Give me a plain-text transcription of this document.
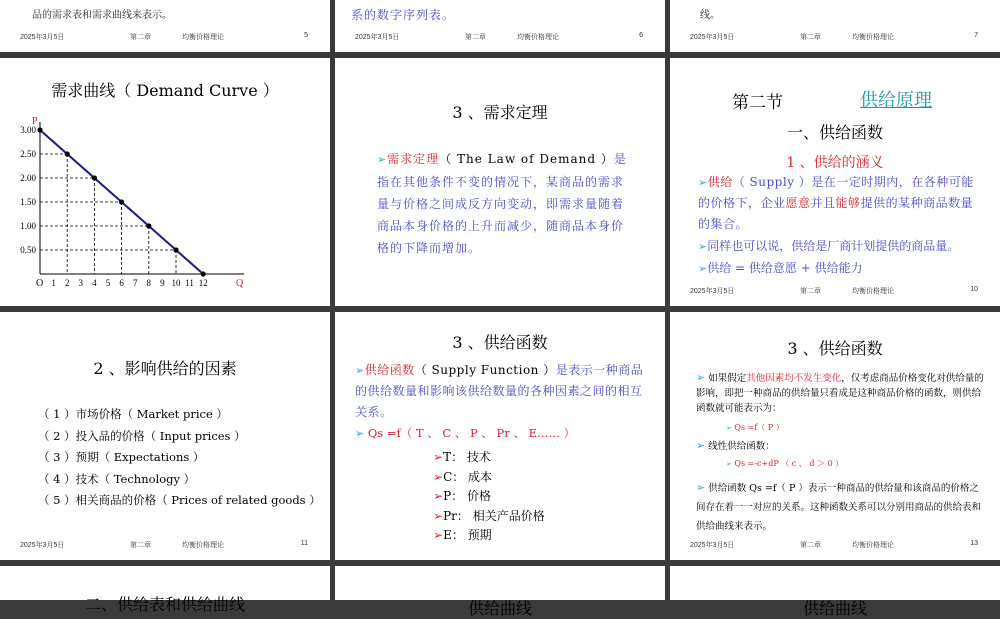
品的需求表和需求曲线来表示。
2025年3月5日	第二章	均衡价格理论	5
系的数字序列表。
2025年3月5日	第二章	均衡价格理论	6
线。
2025年3月5日	第二章	均衡价格理论	7
需求曲线（ Demand Curve ）
3.00
2.50
2.00
1.50
1.00
0.50
1 2 3 4 5 6 7 8 9 10 11 12
P
Q
O
3 、需求定理
➢需求定理（ The Law of Demand ）是指在其他条件不变的情况下，某商品的需求量与价格之间成反方向变动，即需求量随着商品本身价格的上升而减少，随商品本身价格的下降而增加。
第二节	供给原理
一、供给函数
1 、供给的涵义
➢供给（ Supply ）是在一定时期内，在各种可能的价格下，企业愿意并且能够提供的某种商品数量的集合。
➢同样也可以说，供给是厂商计划提供的商品量。
➢供给 = 供给意愿 + 供给能力
2025年3月5日	第二章	均衡价格理论	10
2 、影响供给的因素
（ 1 ）市场价格（ Market price ）
（ 2 ）投入品的价格（ Input prices ）
（ 3 ）预期（ Expectations ）
（ 4 ）技术（ Technology ）
（ 5 ）相关商品的价格（ Prices of related goods ）
2025年3月5日	第二章	均衡价格理论	11
3 、供给函数
➢供给函数（ Supply Function ）是表示一种商品的供给数量和影响该供给数量的各种因素之间的相互关系。
➢ Qs =f（ T 、 C 、 P 、 Pr 、 E…… ）
➢T： 技术
➢C： 成本
➢P： 价格
➢Pr： 相关产品价格
➢E： 预期
3 、供给函数
➢ 如果假定其他因素均不发生变化，仅考虑商品价格变化对供给量的影响，即把一种商品的供给量只看成是这种商品价格的函数，则供给函数就可能表示为：
➢ Qs =f（ P ）
➢ 线性供给函数：
➢ Qs =-c+dP （ c 、 d ＞ 0 ）
➢ 供给函数 Qs =f（ P ）表示一种商品的供给量和该商品的价格之间存在着一一对应的关系。这种函数关系可以分别用商品的供给表和供给曲线来表示。
2025年3月5日	第二章	均衡价格理论	13
二、供给表和供给曲线	供给曲线	供给曲线
